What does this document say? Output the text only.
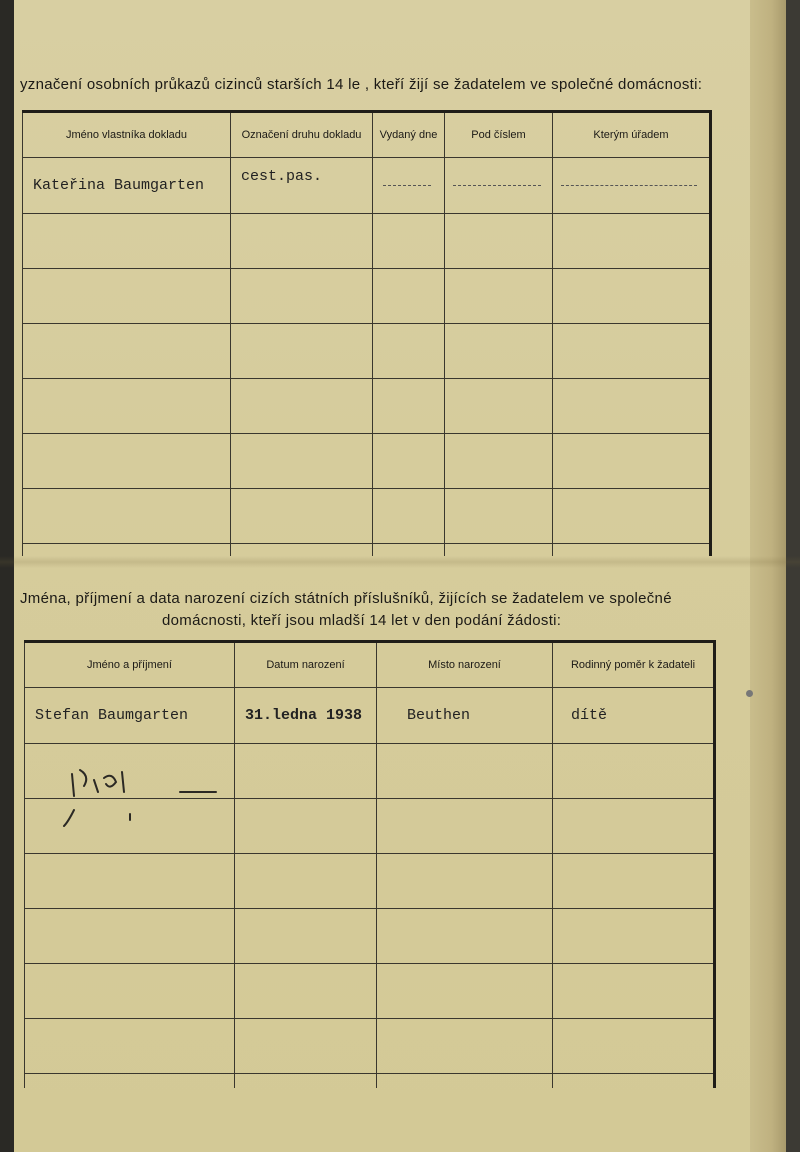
yznačení osobních průkazů cizinců starších 14 le , kteří žijí se žadatelem ve společné domácnosti:
Jméno vlastníka dokladu	Označení druhu dokladu	Vydaný dne	Pod číslem	Kterým úřadem
Kateřina Baumgarten	cest.pas.			

Jména, příjmení a data narození cizích státních příslušníků, žijících se žadatelem ve společné
domácnosti, kteří jsou mladší 14 let v den podání žádosti:
Jméno a příjmení	Datum narození	Místo narození	Rodinný poměr k žadateli
Stefan Baumgarten	31.ledna 1938	Beuthen	dítě
